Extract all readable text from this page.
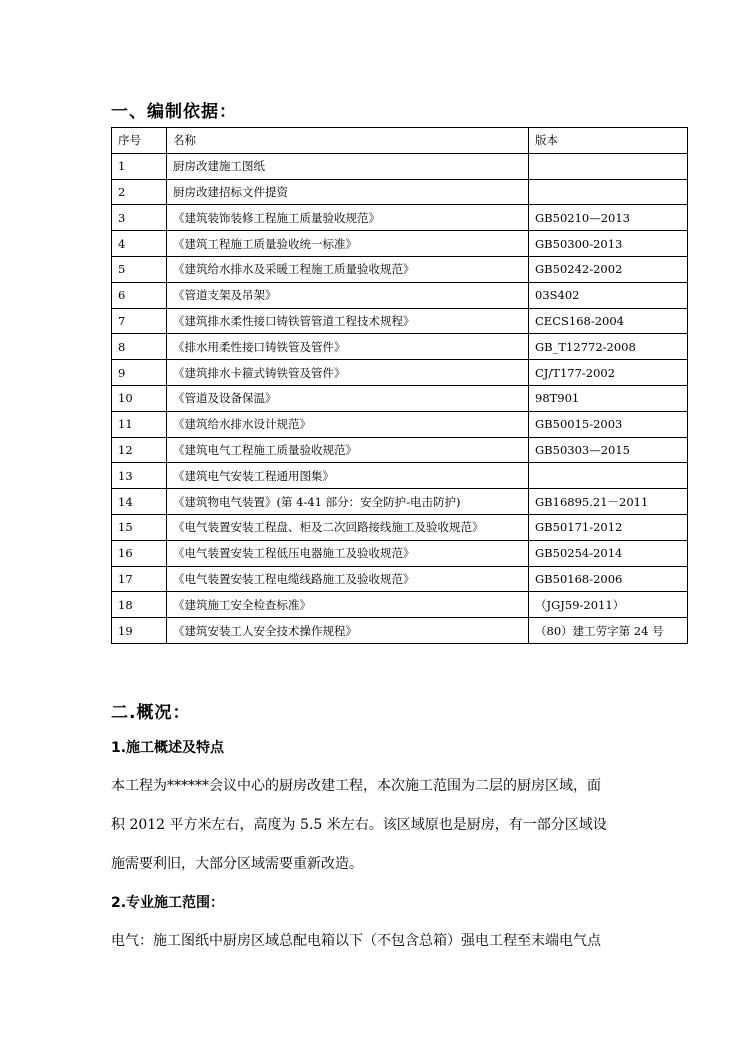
一、编制依据：
序号	名称	版本
1	厨房改建施工图纸	
2	厨房改建招标文件提资	
3	《建筑装饰装修工程施工质量验收规范》	GB50210—2013
4	《建筑工程施工质量验收统一标准》	GB50300-2013
5	《建筑给水排水及采暖工程施工质量验收规范》	GB50242-2002
6	《管道支架及吊架》	03S402
7	《建筑排水柔性接口铸铁管管道工程技术规程》	CECS168-2004
8	《排水用柔性接口铸铁管及管件》	GB_T12772-2008
9	《建筑排水卡箍式铸铁管及管件》	CJ/T177-2002
10	《管道及设备保温》	98T901
11	《建筑给水排水设计规范》	GB50015-2003
12	《建筑电气工程施工质量验收规范》	GB50303—2015
13	《建筑电气安装工程通用图集》	
14	《建筑物电气装置》(第 4-41 部分：安全防护-电击防护)	GB16895.21－2011
15	《电气装置安装工程盘、柜及二次回路接线施工及验收规范》	GB50171-2012
16	《电气装置安装工程低压电器施工及验收规范》	GB50254-2014
17	《电气装置安装工程电缆线路施工及验收规范》	GB50168-2006
18	《建筑施工安全检查标准》	（JGJ59-2011）
19	《建筑安装工人安全技术操作规程》	（80）建工劳字第 24 号
二.概况：
1.施工概述及特点
本工程为******会议中心的厨房改建工程，本次施工范围为二层的厨房区域，面
积 2012 平方米左右，高度为 5.5 米左右。该区域原也是厨房，有一部分区域设
施需要利旧，大部分区域需要重新改造。
2.专业施工范围：
电气：施工图纸中厨房区域总配电箱以下（不包含总箱）强电工程至末端电气点
